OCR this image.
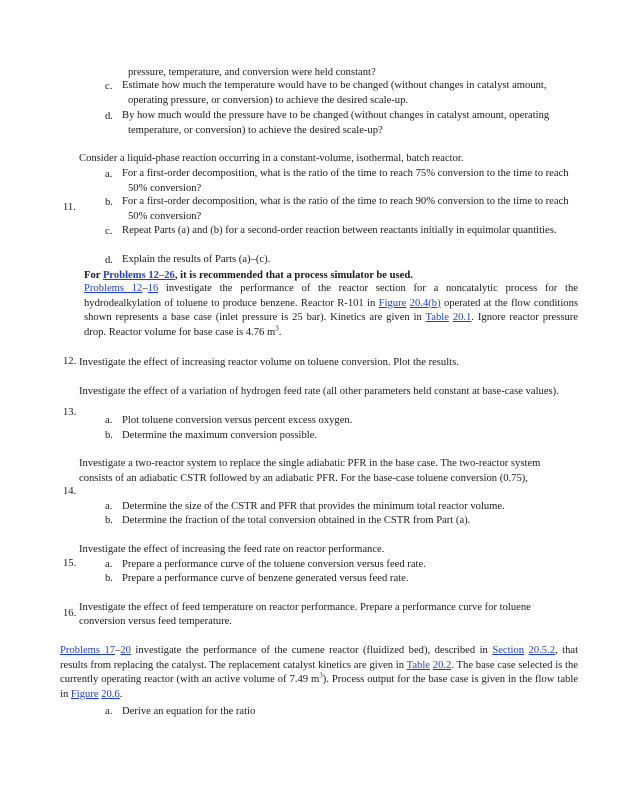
pressure, temperature, and conversion were held constant?
c. Estimate how much the temperature would have to be changed (without changes in catalyst amount, operating pressure, or conversion) to achieve the desired scale-up.
d. By how much would the pressure have to be changed (without changes in catalyst amount, operating temperature, or conversion) to achieve the desired scale-up?
11.
Consider a liquid-phase reaction occurring in a constant-volume, isothermal, batch reactor.
a. For a first-order decomposition, what is the ratio of the time to reach 75% conversion to the time to reach 50% conversion?
b. For a first-order decomposition, what is the ratio of the time to reach 90% conversion to the time to reach 50% conversion?
c. Repeat Parts (a) and (b) for a second-order reaction between reactants initially in equimolar quantities.
d. Explain the results of Parts (a)–(c).
For Problems 12–26, it is recommended that a process simulator be used.
Problems 12–16 investigate the performance of the reactor section for a noncatalytic process for the hydrodealkylation of toluene to produce benzene. Reactor R-101 in Figure 20.4(b) operated at the flow conditions shown represents a base case (inlet pressure is 25 bar). Kinetics are given in Table 20.1. Ignore reactor pressure drop. Reactor volume for base case is 4.76 $m^3$.
12. Investigate the effect of increasing reactor volume on toluene conversion. Plot the results.
13.
Investigate the effect of a variation of hydrogen feed rate (all other parameters held constant at base-case values).
a. Plot toluene conversion versus percent excess oxygen.
b. Determine the maximum conversion possible.
14.
Investigate a two-reactor system to replace the single adiabatic PFR in the base case. The two-reactor system consists of an adiabatic CSTR followed by an adiabatic PFR. For the base-case toluene conversion (0.75),
a. Determine the size of the CSTR and PFR that provides the minimum total reactor volume.
b. Determine the fraction of the total conversion obtained in the CSTR from Part (a).
15.
Investigate the effect of increasing the feed rate on reactor performance.
a. Prepare a performance curve of the toluene conversion versus feed rate.
b. Prepare a performance curve of benzene generated versus feed rate.
16.
Investigate the effect of feed temperature on reactor performance. Prepare a performance curve for toluene conversion versus feed temperature.
Problems 17–20 investigate the performance of the cumene reactor (fluidized bed), described in Section 20.5.2, that results from replacing the catalyst. The replacement catalyst kinetics are given in Table 20.2. The base case selected is the currently operating reactor (with an active volume of 7.49 $m^3$). Process output for the base case is given in the flow table in Figure 20.6.
a. Derive an equation for the ratio
